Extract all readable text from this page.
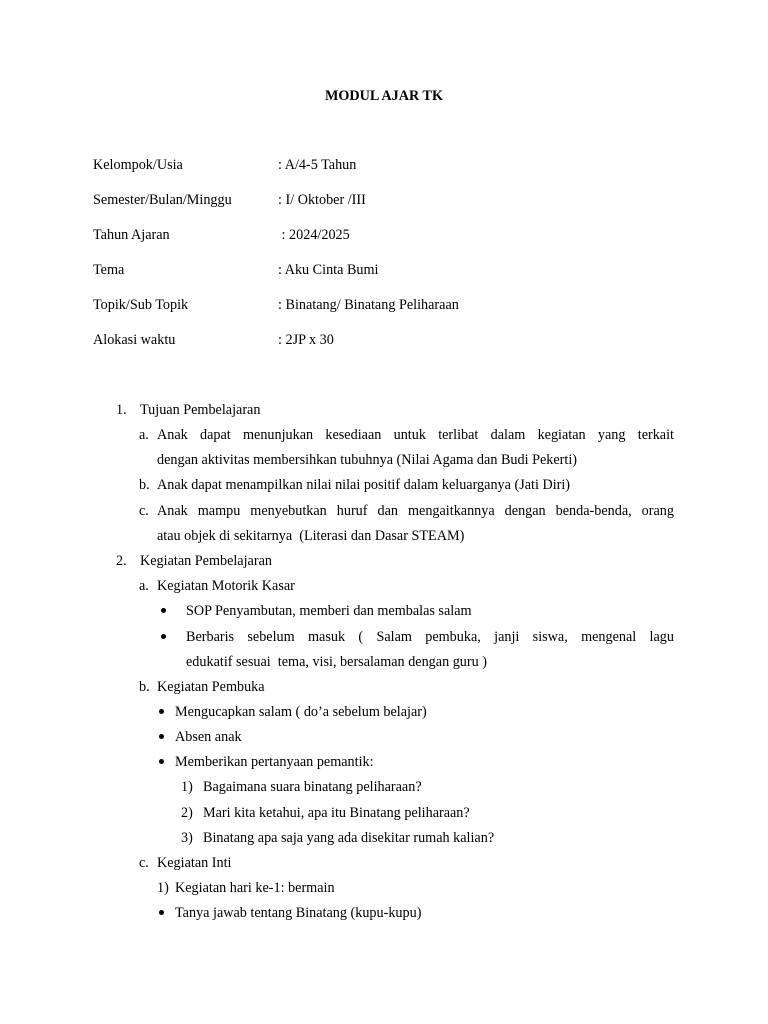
MODUL AJAR TK
Kelompok/Usia	: A/4-5 Tahun
Semester/Bulan/Minggu	: I/ Oktober /III
Tahun Ajaran	: 2024/2025
Tema	: Aku Cinta Bumi
Topik/Sub Topik	: Binatang/ Binatang Peliharaan
Alokasi waktu	: 2JP x 30
1. Tujuan Pembelajaran
a. Anak dapat menunjukan kesediaan untuk terlibat dalam kegiatan yang terkait
dengan aktivitas membersihkan tubuhnya (Nilai Agama dan Budi Pekerti)
b. Anak dapat menampilkan nilai nilai positif dalam keluarganya (Jati Diri)
c. Anak mampu menyebutkan huruf dan mengaitkannya dengan benda-benda, orang
atau objek di sekitarnya  (Literasi dan Dasar STEAM)
2. Kegiatan Pembelajaran
a. Kegiatan Motorik Kasar
SOP Penyambutan, memberi dan membalas salam
Berbaris sebelum masuk ( Salam pembuka, janji siswa, mengenal lagu
edukatif sesuai  tema, visi, bersalaman dengan guru )
b. Kegiatan Pembuka
Mengucapkan salam ( do’a sebelum belajar)
Absen anak
Memberikan pertanyaan pemantik:
1) Bagaimana suara binatang peliharaan?
2) Mari kita ketahui, apa itu Binatang peliharaan?
3) Binatang apa saja yang ada disekitar rumah kalian?
c. Kegiatan Inti
1) Kegiatan hari ke-1: bermain
Tanya jawab tentang Binatang (kupu-kupu)
